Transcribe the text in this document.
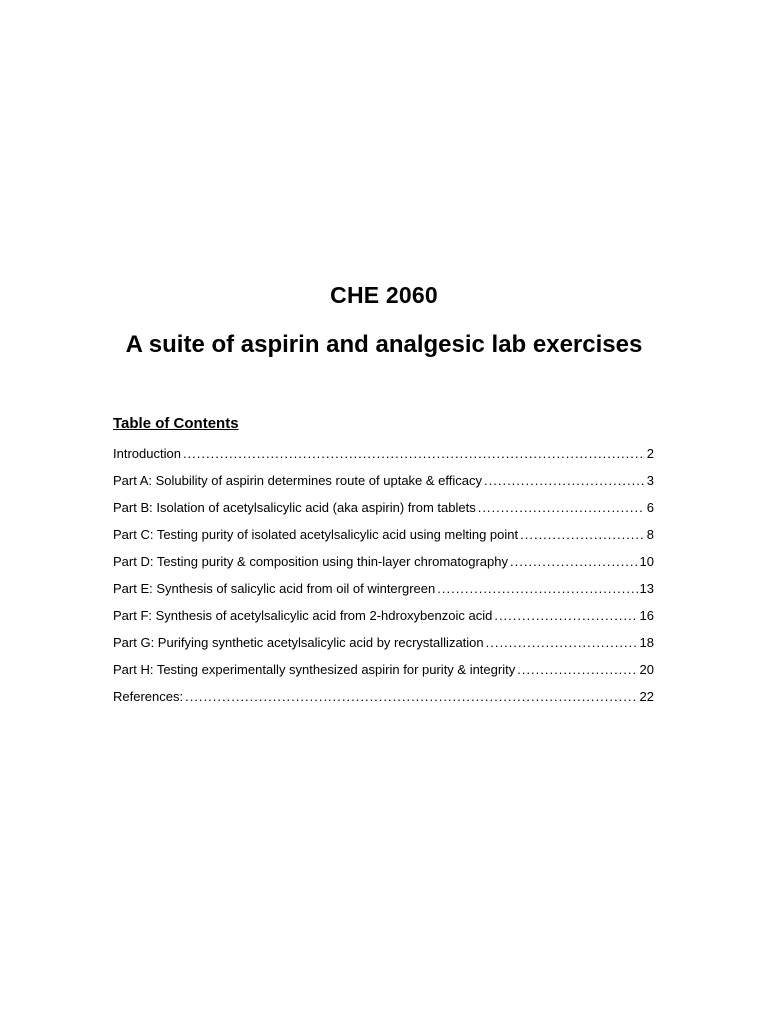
CHE 2060
A suite of aspirin and analgesic lab exercises
Table of Contents
Introduction .....	2
Part A: Solubility of aspirin determines route of uptake & efficacy .....	3
Part B: Isolation of acetylsalicylic acid (aka aspirin) from tablets .....	6
Part C: Testing purity of isolated acetylsalicylic acid using melting point .....	8
Part D: Testing purity & composition using thin-layer chromatography .....	10
Part E: Synthesis of salicylic acid from oil of wintergreen .....	13
Part F: Synthesis of acetylsalicylic acid from 2-hdroxybenzoic acid .....	16
Part G: Purifying synthetic acetylsalicylic acid by recrystallization .....	18
Part H: Testing experimentally synthesized aspirin for purity & integrity .....	20
References: .....	22
